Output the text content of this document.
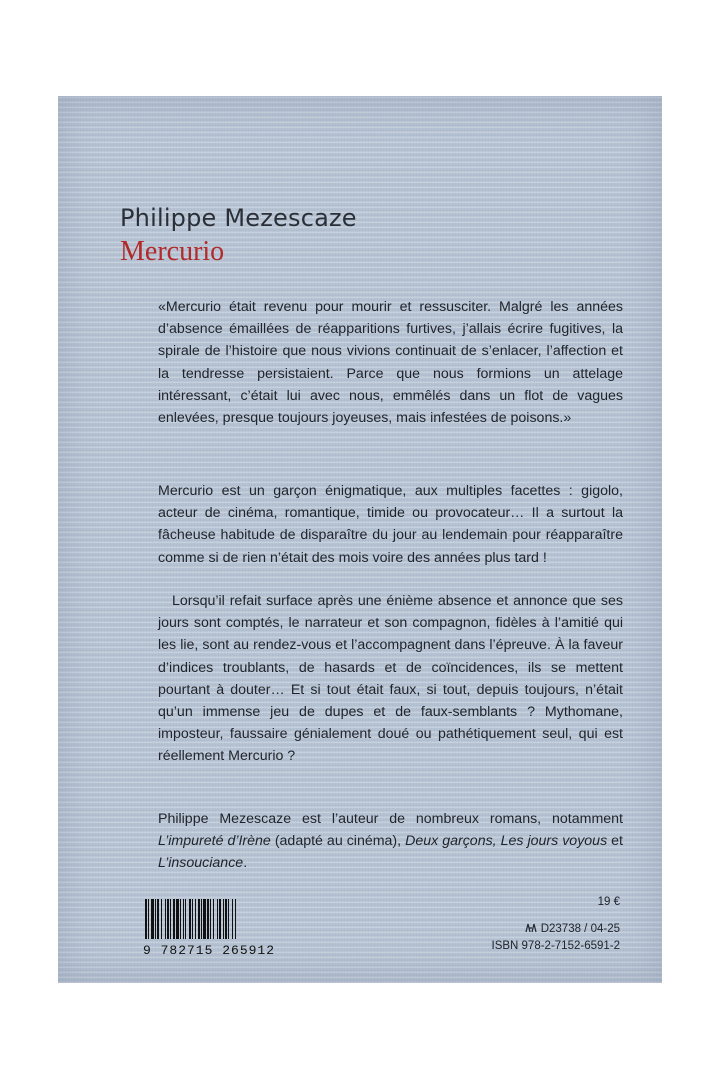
Philippe Mezescaze
Mercurio

«Mercurio était revenu pour mourir et ressusciter. Malgré les années d’absence émaillées de réapparitions furtives, j’allais écrire fugitives, la spirale de l’histoire que nous vivions continuait de s’enlacer, l’affection et la tendresse persistaient. Parce que nous formions un attelage intéressant, c’était lui avec nous, emmêlés dans un flot de vagues enlevées, presque toujours joyeuses, mais infestées de poisons.»

Mercurio est un garçon énigmatique, aux multiples facettes : gigolo, acteur de cinéma, romantique, timide ou provocateur… Il a surtout la fâcheuse habitude de disparaître du jour au lendemain pour réapparaître comme si de rien n’était des mois voire des années plus tard !

Lorsqu’il refait surface après une énième absence et annonce que ses jours sont comptés, le narrateur et son compagnon, fidèles à l’amitié qui les lie, sont au rendez-vous et l’accompagnent dans l’épreuve. À la faveur d’indices troublants, de hasards et de coïncidences, ils se mettent pourtant à douter… Et si tout était faux, si tout, depuis toujours, n’était qu’un immense jeu de dupes et de faux-semblants ? Mythomane, imposteur, faussaire génialement doué ou pathétiquement seul, qui est réellement Mercurio ?

Philippe Mezescaze est l’auteur de nombreux romans, notamment L’impureté d’Irène (adapté au cinéma), Deux garçons, Les jours voyous et L’insouciance.

9 782715 265912
19 €
D23738 / 04-25
ISBN 978-2-7152-6591-2
